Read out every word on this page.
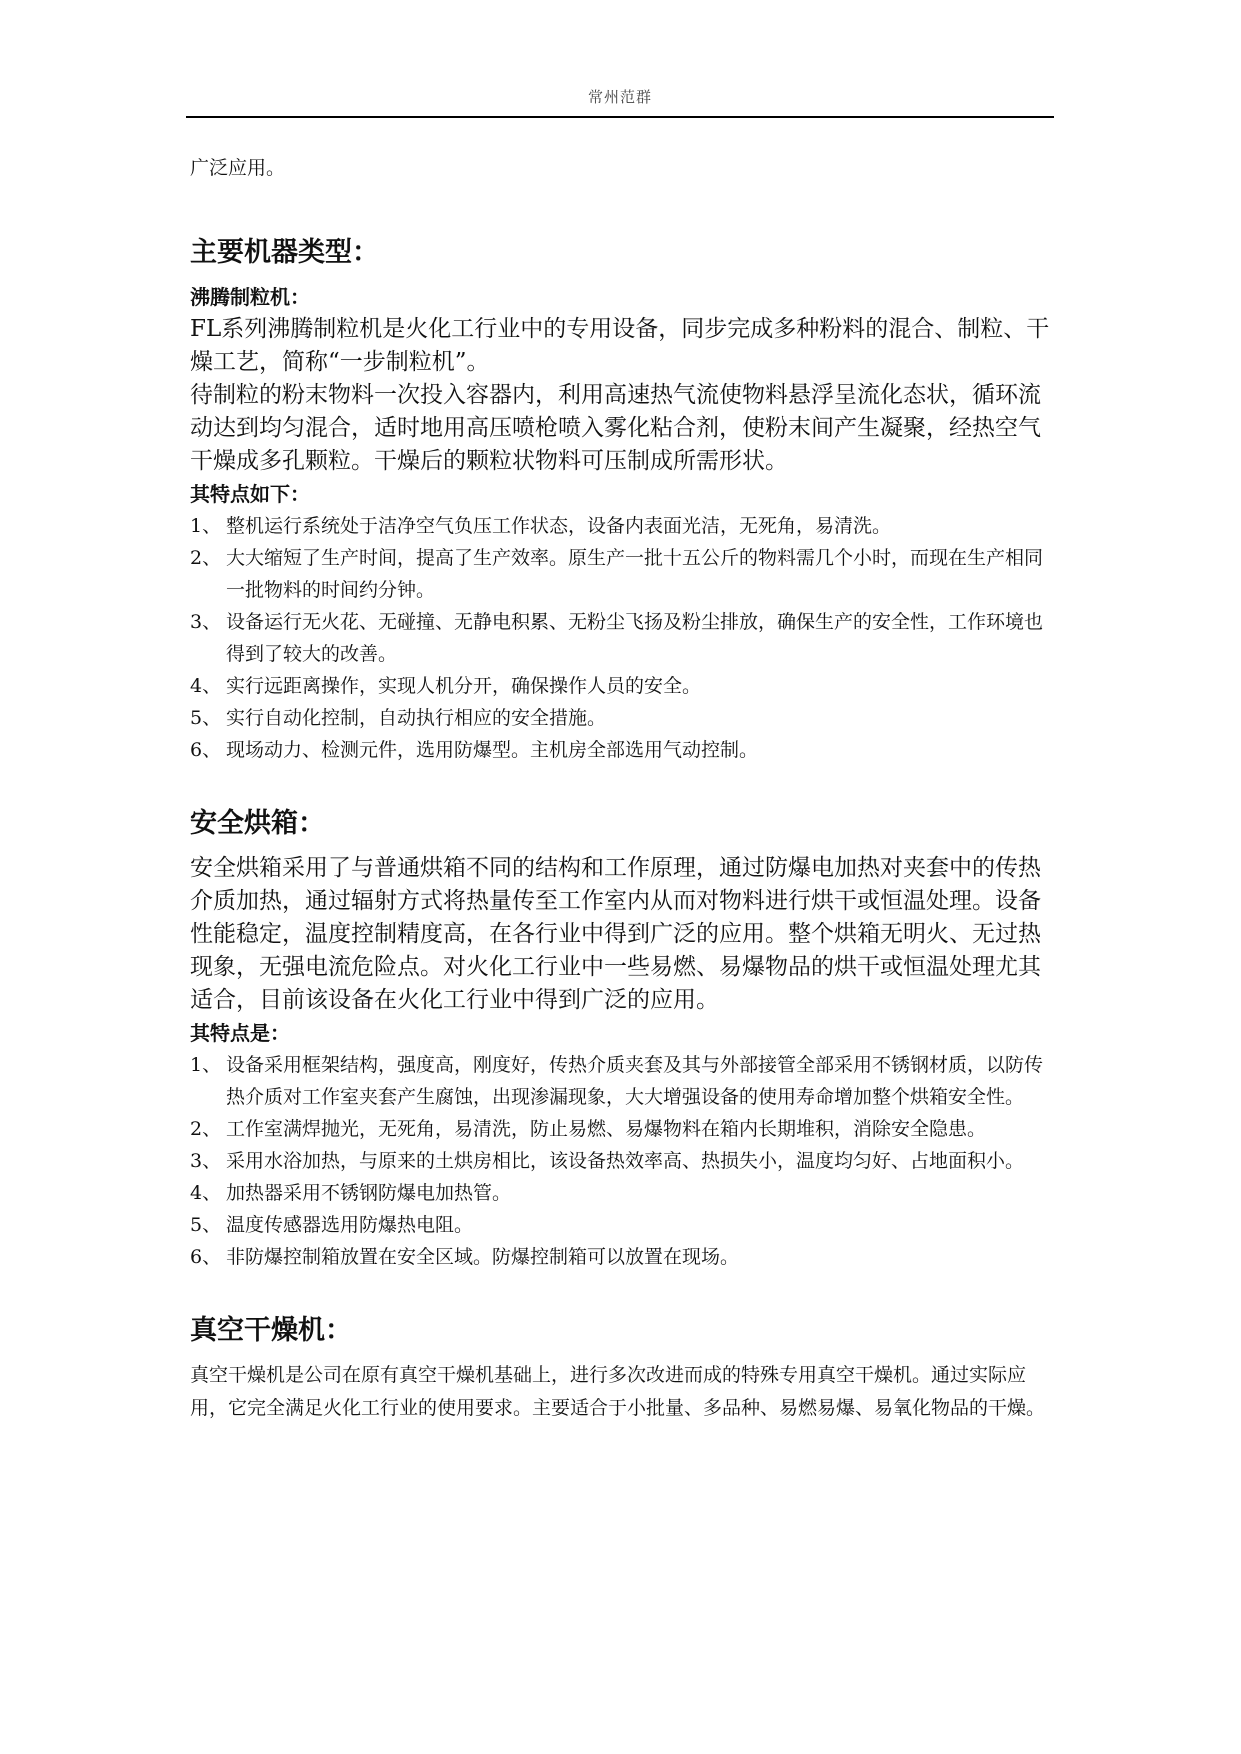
常州范群

广泛应用。

主要机器类型：
沸腾制粒机：

FL系列沸腾制粒机是火化工行业中的专用设备，同步完成多种粉料的混合、制粒、干燥工艺，简称“一步制粒机”。

待制粒的粉末物料一次投入容器内，利用高速热气流使物料悬浮呈流化态状，循环流动达到均匀混合，适时地用高压喷枪喷入雾化粘合剂，使粉末间产生凝聚，经热空气干燥成多孔颗粒。干燥后的颗粒状物料可压制成所需形状。

其特点如下：
1、 整机运行系统处于洁净空气负压工作状态，设备内表面光洁，无死角，易清洗。
2、 大大缩短了生产时间，提高了生产效率。原生产一批十五公斤的物料需几个小时，而现在生产相同一批物料的时间约分钟。
3、 设备运行无火花、无碰撞、无静电积累、无粉尘飞扬及粉尘排放，确保生产的安全性，工作环境也得到了较大的改善。
4、 实行远距离操作，实现人机分开，确保操作人员的安全。
5、 实行自动化控制，自动执行相应的安全措施。
6、 现场动力、检测元件，选用防爆型。主机房全部选用气动控制。
安全烘箱：

安全烘箱采用了与普通烘箱不同的结构和工作原理，通过防爆电加热对夹套中的传热介质加热，通过辐射方式将热量传至工作室内从而对物料进行烘干或恒温处理。设备性能稳定，温度控制精度高，在各行业中得到广泛的应用。整个烘箱无明火、无过热现象，无强电流危险点。对火化工行业中一些易燃、易爆物品的烘干或恒温处理尤其适合，目前该设备在火化工行业中得到广泛的应用。

其特点是：
1、 设备采用框架结构，强度高，刚度好，传热介质夹套及其与外部接管全部采用不锈钢材质，以防传热介质对工作室夹套产生腐蚀，出现渗漏现象，大大增强设备的使用寿命增加整个烘箱安全性。
2、 工作室满焊抛光，无死角，易清洗，防止易燃、易爆物料在箱内长期堆积，消除安全隐患。
3、 采用水浴加热，与原来的土烘房相比，该设备热效率高、热损失小，温度均匀好、占地面积小。
4、 加热器采用不锈钢防爆电加热管。
5、 温度传感器选用防爆热电阻。
6、 非防爆控制箱放置在安全区域。防爆控制箱可以放置在现场。
真空干燥机：

真空干燥机是公司在原有真空干燥机基础上，进行多次改进而成的特殊专用真空干燥机。通过实际应用，它完全满足火化工行业的使用要求。主要适合于小批量、多品种、易燃易爆、易氧化物品的干燥。
